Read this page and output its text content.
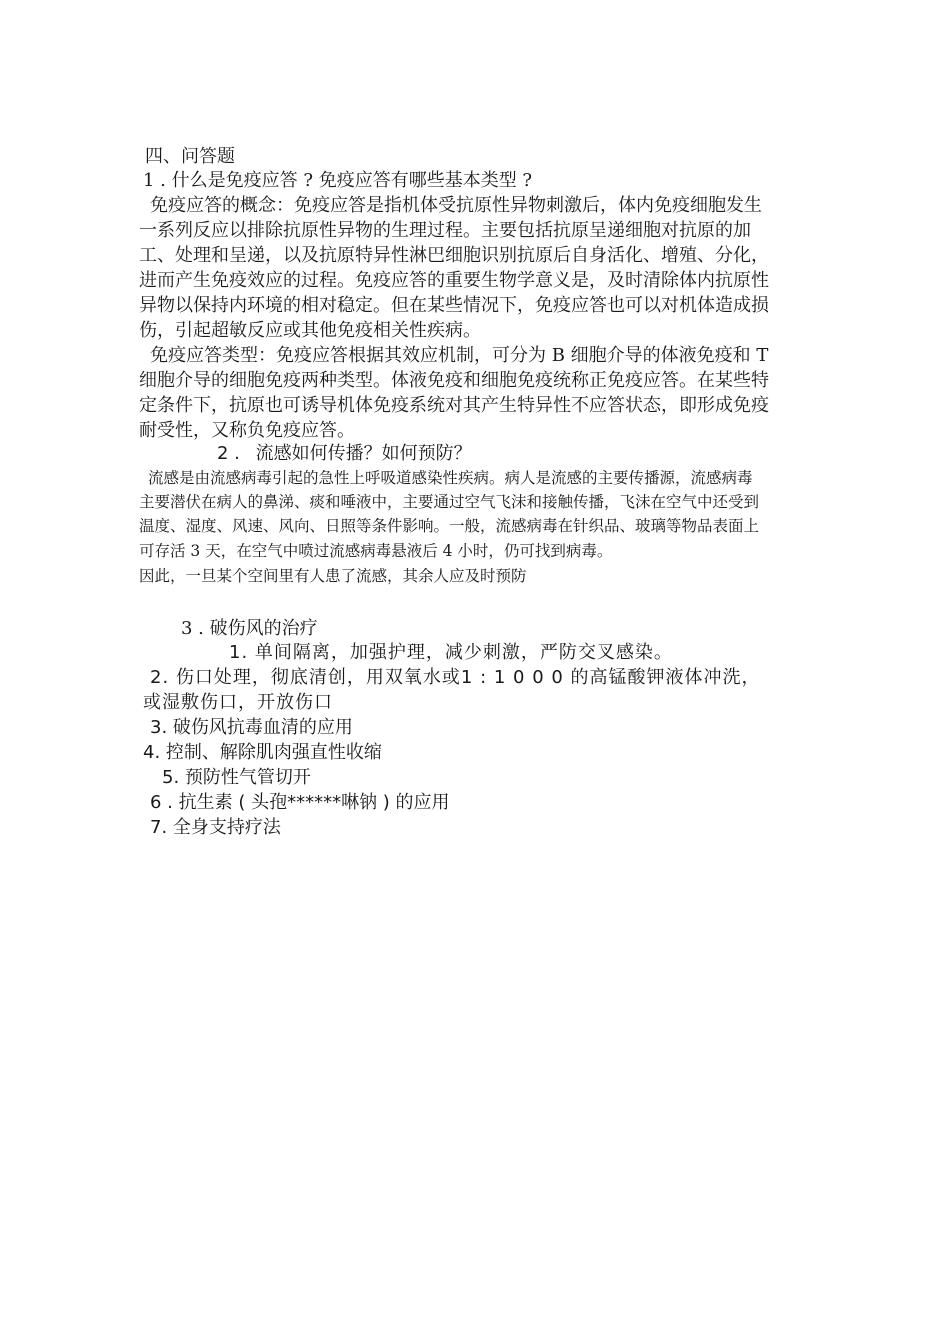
四、问答题

1 . 什么是免疫应答 ? 免疫应答有哪些基本类型 ?

免疫应答的概念：免疫应答是指机体受抗原性异物刺激后，体内免疫细胞发生

一系列反应以排除抗原性异物的生理过程。主要包括抗原呈递细胞对抗原的加

工、处理和呈递，以及抗原特异性淋巴细胞识别抗原后自身活化、增殖、分化，

进而产生免疫效应的过程。免疫应答的重要生物学意义是，及时清除体内抗原性

异物以保持内环境的相对稳定。但在某些情况下，免疫应答也可以对机体造成损

伤，引起超敏反应或其他免疫相关性疾病。

免疫应答类型：免疫应答根据其效应机制，可分为 B 细胞介导的体液免疫和 T

细胞介导的细胞免疫两种类型。体液免疫和细胞免疫统称正免疫应答。在某些特

定条件下，抗原也可诱导机体免疫系统对其产生特异性不应答状态，即形成免疫

耐受性，又称负免疫应答。

2 . 流感如何传播？如何预防？

流感是由流感病毒引起的急性上呼吸道感染性疾病。病人是流感的主要传播源，流感病毒

主要潜伏在病人的鼻涕、痰和唾液中，主要通过空气飞沫和接触传播，飞沫在空气中还受到

温度、湿度、风速、风向、日照等条件影响。一般，流感病毒在针织品、玻璃等物品表面上

可存活 3 天，在空气中喷过流感病毒悬液后 4 小时，仍可找到病毒。

因此，一旦某个空间里有人患了流感，其余人应及时预防

3 . 破伤风的治疗

1. 单间隔离，加强护理，减少刺激，严防交叉感染。

2. 伤口处理，彻底清创，用双氧水或1 : 1 0 0 0 的高锰酸钾液体冲洗，

或湿敷伤口，开放伤口

3. 破伤风抗毒血清的应用

4. 控制、解除肌肉强直性收缩

5. 预防性气管切开

6 . 抗生素 ( 头孢******啉钠 ) 的应用

7. 全身支持疗法
